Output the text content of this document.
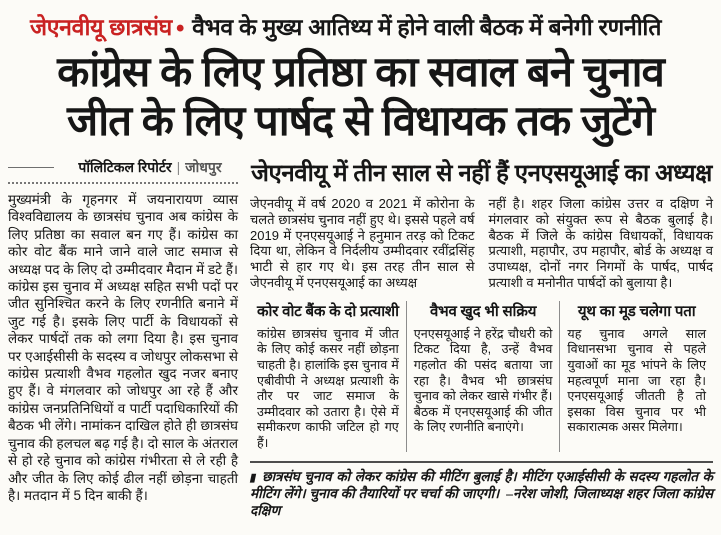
जेएनवीयू छात्रसंघ • वैभव के मुख्य आतिथ्य में होने वाली बैठक में बनेगी रणनीति
कांग्रेस के लिए प्रतिष्ठा का सवाल बने चुनाव
जीत के लिए पार्षद से विधायक तक जुटेंगे
पॉलिटिकल रिपोर्टर | जोधपुर

मुख्यमंत्री के गृहनगर में जयनारायण व्यास विश्वविद्यालय के छात्रसंघ चुनाव अब कांग्रेस के लिए प्रतिष्ठा का सवाल बन गए हैं। कांग्रेस का कोर वोट बैंक माने जाने वाले जाट समाज से अध्यक्ष पद के लिए दो उम्मीदवार मैदान में डटे हैं। कांग्रेस इस चुनाव में अध्यक्ष सहित सभी पदों पर जीत सुनिश्चित करने के लिए रणनीति बनाने में जुट गई है। इसके लिए पार्टी के विधायकों से लेकर पार्षदों तक को लगा दिया है। इस चुनाव पर एआईसीसी के सदस्य व जोधपुर लोकसभा से कांग्रेस प्रत्याशी वैभव गहलोत खुद नजर बनाए हुए हैं। वे मंगलवार को जोधपुर आ रहे हैं और कांग्रेस जनप्रतिनिधियों व पार्टी पदाधिकारियों की बैठक भी लेंगे। नामांकन दाखिल होते ही छात्रसंघ चुनाव की हलचल बढ़ गई है। दो साल के अंतराल से हो रहे चुनाव को कांग्रेस गंभीरता से ले रही है और जीत के लिए कोई ढील नहीं छोड़ना चाहती है। मतदान में 5 दिन बाकी हैं।

जेएनवीयू में तीन साल से नहीं हैं एनएसयूआई का अध्यक्ष

जेएनवीयू में वर्ष 2020 व 2021 में कोरोना के चलते छात्रसंघ चुनाव नहीं हुए थे। इससे पहले वर्ष 2019 में एनएसयूआई ने हनुमान तरड़ को टिकट दिया था, लेकिन वे निर्दलीय उम्मीदवार रवींद्रसिंह भाटी से हार गए थे। इस तरह तीन साल से जेएनवीयू में एनएसयूआई का अध्यक्ष

नहीं है। शहर जिला कांग्रेस उत्तर व दक्षिण ने मंगलवार को संयुक्त रूप से बैठक बुलाई है। बैठक में जिले के कांग्रेस विधायकों, विधायक प्रत्याशी, महापौर, उप महापौर, बोर्ड के अध्यक्ष व उपाध्यक्ष, दोनों नगर निगमों के पार्षद, पार्षद प्रत्याशी व मनोनीत पार्षदों को बुलाया है।

कोर वोट बैंक के दो प्रत्याशी

कांग्रेस छात्रसंघ चुनाव में जीत के लिए कोई कसर नहीं छोड़ना चाहती है। हालांकि इस चुनाव में एबीवीपी ने अध्यक्ष प्रत्याशी के तौर पर जाट समाज के उम्मीदवार को उतारा है। ऐसे में समीकरण काफी जटिल हो गए हैं।

वैभव खुद भी सक्रिय

एनएसयूआई ने हरेंद्र चौधरी को टिकट दिया है, उन्हें वैभव गहलोत की पसंद बताया जा रहा है। वैभव भी छात्रसंघ चुनाव को लेकर खासे गंभीर हैं। बैठक में एनएसयूआई की जीत के लिए रणनीति बनाएंगे।

यूथ का मूड चलेगा पता

यह चुनाव अगले साल विधानसभा चुनाव से पहले युवाओं का मूड भांपने के लिए महत्वपूर्ण माना जा रहा है। एनएसयूआई जीतती है तो इसका विस चुनाव पर भी सकारात्मक असर मिलेगा।

▮ छात्रसंघ चुनाव को लेकर कांग्रेस की मीटिंग बुलाई है। मीटिंग एआईसीसी के सदस्य गहलोत के मीटिंग लेंगे। चुनाव की तैयारियों पर चर्चा की जाएगी। –नरेश जोशी, जिलाध्यक्ष शहर जिला कांग्रेस दक्षिण
